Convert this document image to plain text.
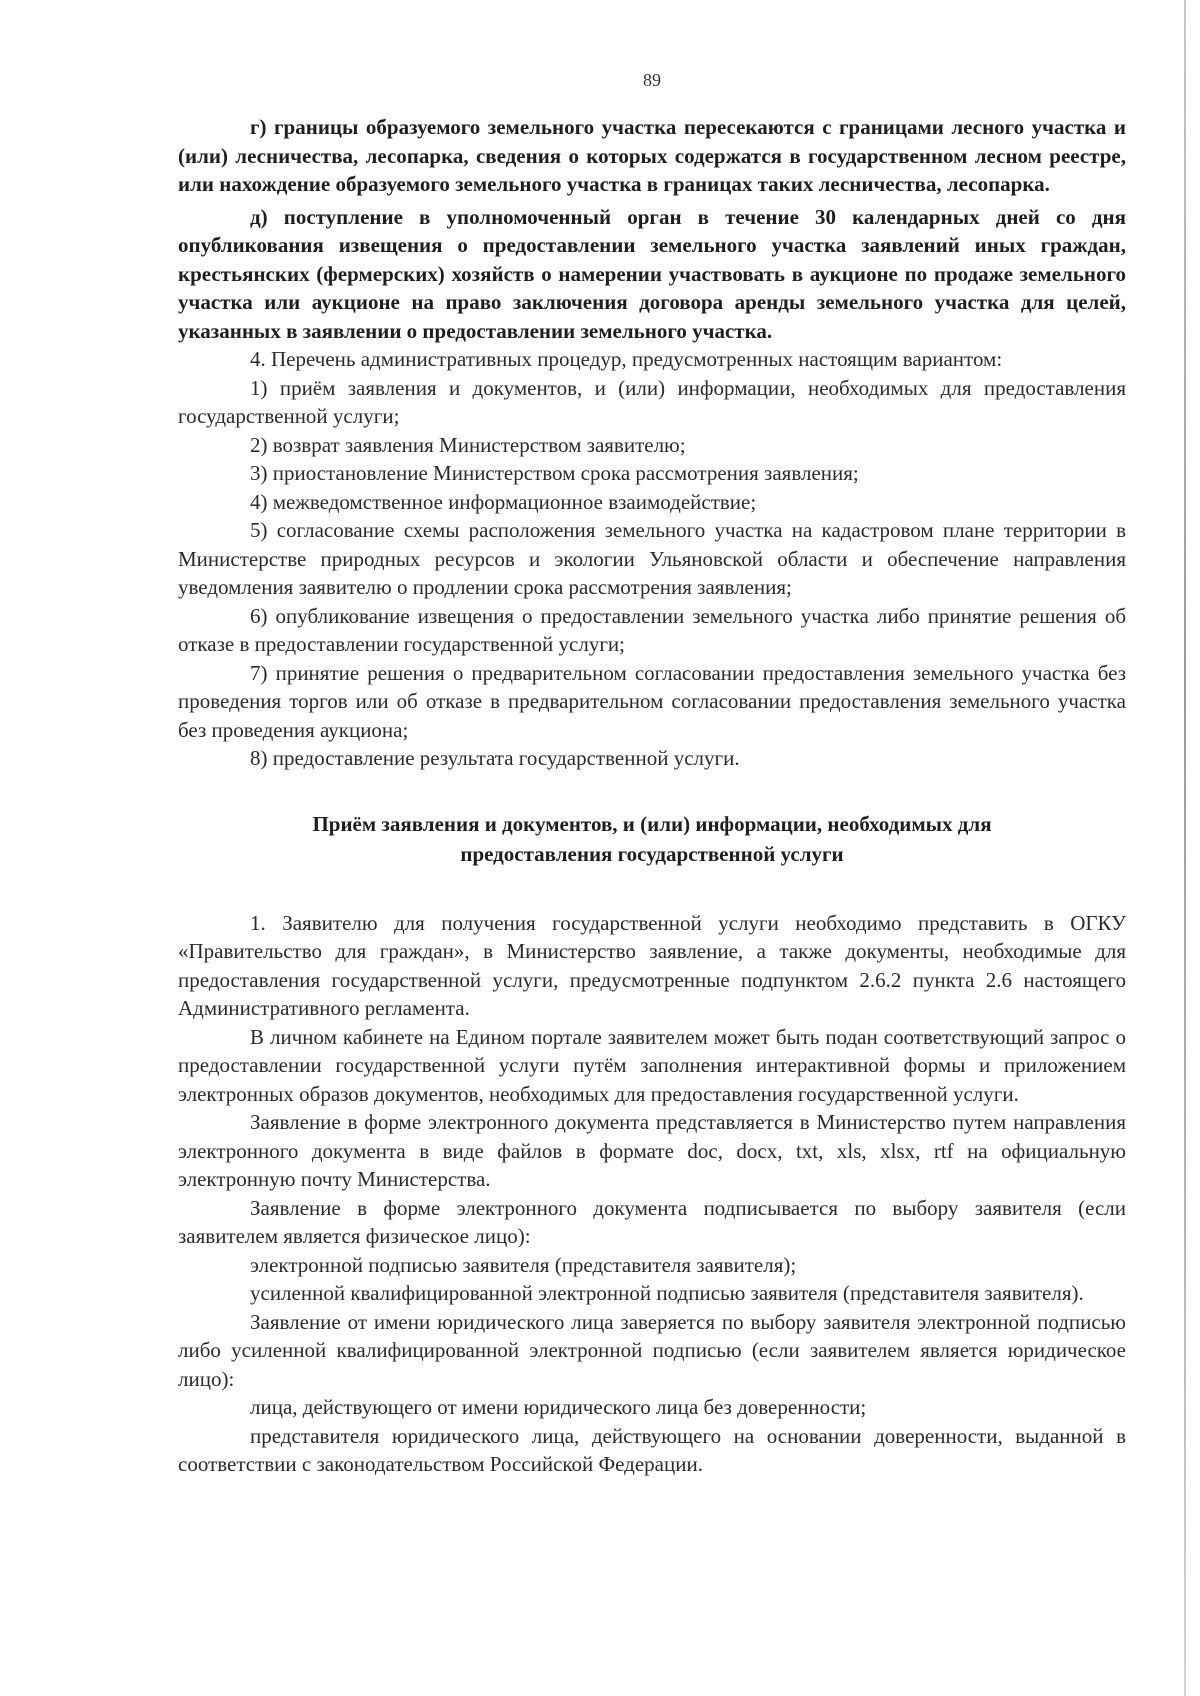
89

г) границы образуемого земельного участка пересекаются с границами лесного участка и (или) лесничества, лесопарка, сведения о которых содержатся в государственном лесном реестре, или нахождение образуемого земельного участка в границах таких лесничества, лесопарка.

д) поступление в уполномоченный орган в течение 30 календарных дней со дня опубликования извещения о предоставлении земельного участка заявлений иных граждан, крестьянских (фермерских) хозяйств о намерении участвовать в аукционе по продаже земельного участка или аукционе на право заключения договора аренды земельного участка для целей, указанных в заявлении о предоставлении земельного участка.

4. Перечень административных процедур, предусмотренных настоящим вариантом:

1) приём заявления и документов, и (или) информации, необходимых для предоставления государственной услуги;

2) возврат заявления Министерством заявителю;

3) приостановление Министерством срока рассмотрения заявления;

4) межведомственное информационное взаимодействие;

5) согласование схемы расположения земельного участка на кадастровом плане территории в Министерстве природных ресурсов и экологии Ульяновской области и обеспечение направления уведомления заявителю о продлении срока рассмотрения заявления;

6) опубликование извещения о предоставлении земельного участка либо принятие решения об отказе в предоставлении государственной услуги;

7) принятие решения о предварительном согласовании предоставления земельного участка без проведения торгов или об отказе в предварительном согласовании предоставления земельного участка без проведения аукциона;

8) предоставление результата государственной услуги.

Приём заявления и документов, и (или) информации, необходимых для
предоставления государственной услуги

1. Заявителю для получения государственной услуги необходимо представить в ОГКУ «Правительство для граждан», в Министерство заявление, а также документы, необходимые для предоставления государственной услуги, предусмотренные подпунктом 2.6.2 пункта 2.6 настоящего Административного регламента.

В личном кабинете на Едином портале заявителем может быть подан соответствующий запрос о предоставлении государственной услуги путём заполнения интерактивной формы и приложением электронных образов документов, необходимых для предоставления государственной услуги.

Заявление в форме электронного документа представляется в Министерство путем направления электронного документа в виде файлов в формате doc, docx, txt, xls, xlsx, rtf на официальную электронную почту Министерства.

Заявление в форме электронного документа подписывается по выбору заявителя (если заявителем является физическое лицо):

электронной подписью заявителя (представителя заявителя);

усиленной квалифицированной электронной подписью заявителя (представителя заявителя).

Заявление от имени юридического лица заверяется по выбору заявителя электронной подписью либо усиленной квалифицированной электронной подписью (если заявителем является юридическое лицо):

лица, действующего от имени юридического лица без доверенности;

представителя юридического лица, действующего на основании доверенности, выданной в соответствии с законодательством Российской Федерации.
